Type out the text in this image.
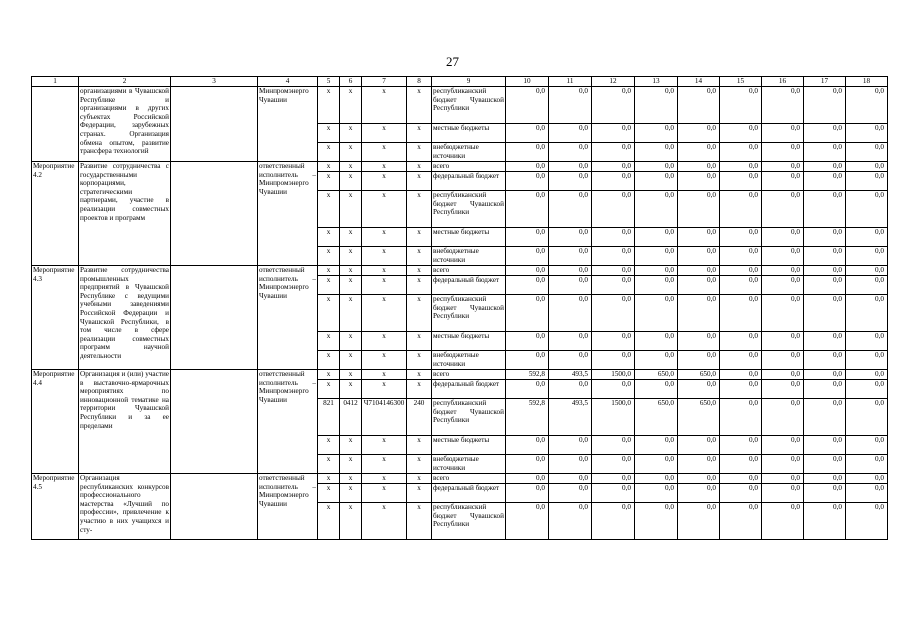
27
1	2	3	4	5	6	7	8	9	10	11	12	13	14	15	16	17	18
	организациями в Чувашской Республике и организациями в других субъектах Российской Федерации, зарубежных странах. Организация обмена опытом, развитие трансфера технологий		Минпромэнерго Чувашии	х	х	х	х	республиканский бюджет Чувашской Республики	0,0	0,0	0,0	0,0	0,0	0,0	0,0	0,0	0,0
				х	х	х	х	местные бюджеты	0,0	0,0	0,0	0,0	0,0	0,0	0,0	0,0	0,0
				х	х	х	х	внебюджетные источники	0,0	0,0	0,0	0,0	0,0	0,0	0,0	0,0	0,0
Мероприятие 4.2	Развитие сотрудничества с государственными корпорациями, стратегическими партнерами, участие в реализации совместных проектов и программ		ответственный исполнитель – Минпромэнерго Чувашии	х	х	х	х	всего	0,0	0,0	0,0	0,0	0,0	0,0	0,0	0,0	0,0
				х	х	х	х	федеральный бюджет	0,0	0,0	0,0	0,0	0,0	0,0	0,0	0,0	0,0
				х	х	х	х	республиканский бюджет Чувашской Республики	0,0	0,0	0,0	0,0	0,0	0,0	0,0	0,0	0,0
				х	х	х	х	местные бюджеты	0,0	0,0	0,0	0,0	0,0	0,0	0,0	0,0	0,0
				х	х	х	х	внебюджетные источники	0,0	0,0	0,0	0,0	0,0	0,0	0,0	0,0	0,0
Мероприятие 4.3	Развитие сотрудничества промышленных предприятий в Чувашской Республике с ведущими учебными заведениями Российской Федерации и Чувашской Республики, в том числе в сфере реализации совместных программ научной деятельности		ответственный исполнитель – Минпромэнерго Чувашии	х	х	х	х	всего	0,0	0,0	0,0	0,0	0,0	0,0	0,0	0,0	0,0
				х	х	х	х	федеральный бюджет	0,0	0,0	0,0	0,0	0,0	0,0	0,0	0,0	0,0
				х	х	х	х	республиканский бюджет Чувашской Республики	0,0	0,0	0,0	0,0	0,0	0,0	0,0	0,0	0,0
				х	х	х	х	местные бюджеты	0,0	0,0	0,0	0,0	0,0	0,0	0,0	0,0	0,0
				х	х	х	х	внебюджетные источники	0,0	0,0	0,0	0,0	0,0	0,0	0,0	0,0	0,0
Мероприятие 4.4	Организация и (или) участие в выставочно-ярмарочных мероприятиях по инновационной тематике на территории Чувашской Республики и за ее пределами		ответственный исполнитель – Минпромэнерго Чувашии	х	х	х	х	всего	592,8	493,5	1500,0	650,0	650,0	0,0	0,0	0,0	0,0
				х	х	х	х	федеральный бюджет	0,0	0,0	0,0	0,0	0,0	0,0	0,0	0,0	0,0
				821	0412	Ч7104146300	240	республиканский бюджет Чувашской Республики	592,8	493,5	1500,0	650,0	650,0	0,0	0,0	0,0	0,0
				х	х	х	х	местные бюджеты	0,0	0,0	0,0	0,0	0,0	0,0	0,0	0,0	0,0
				х	х	х	х	внебюджетные источники	0,0	0,0	0,0	0,0	0,0	0,0	0,0	0,0	0,0
Мероприятие 4.5	Организация республиканских конкурсов профессионального мастерства «Лучший по профессии», привлечение к участию в них учащихся и сту-		ответственный исполнитель – Минпромэнерго Чувашии	х	х	х	х	всего	0,0	0,0	0,0	0,0	0,0	0,0	0,0	0,0	0,0
				х	х	х	х	федеральный бюджет	0,0	0,0	0,0	0,0	0,0	0,0	0,0	0,0	0,0
				х	х	х	х	республиканский бюджет Чувашской Республики	0,0	0,0	0,0	0,0	0,0	0,0	0,0	0,0	0,0
